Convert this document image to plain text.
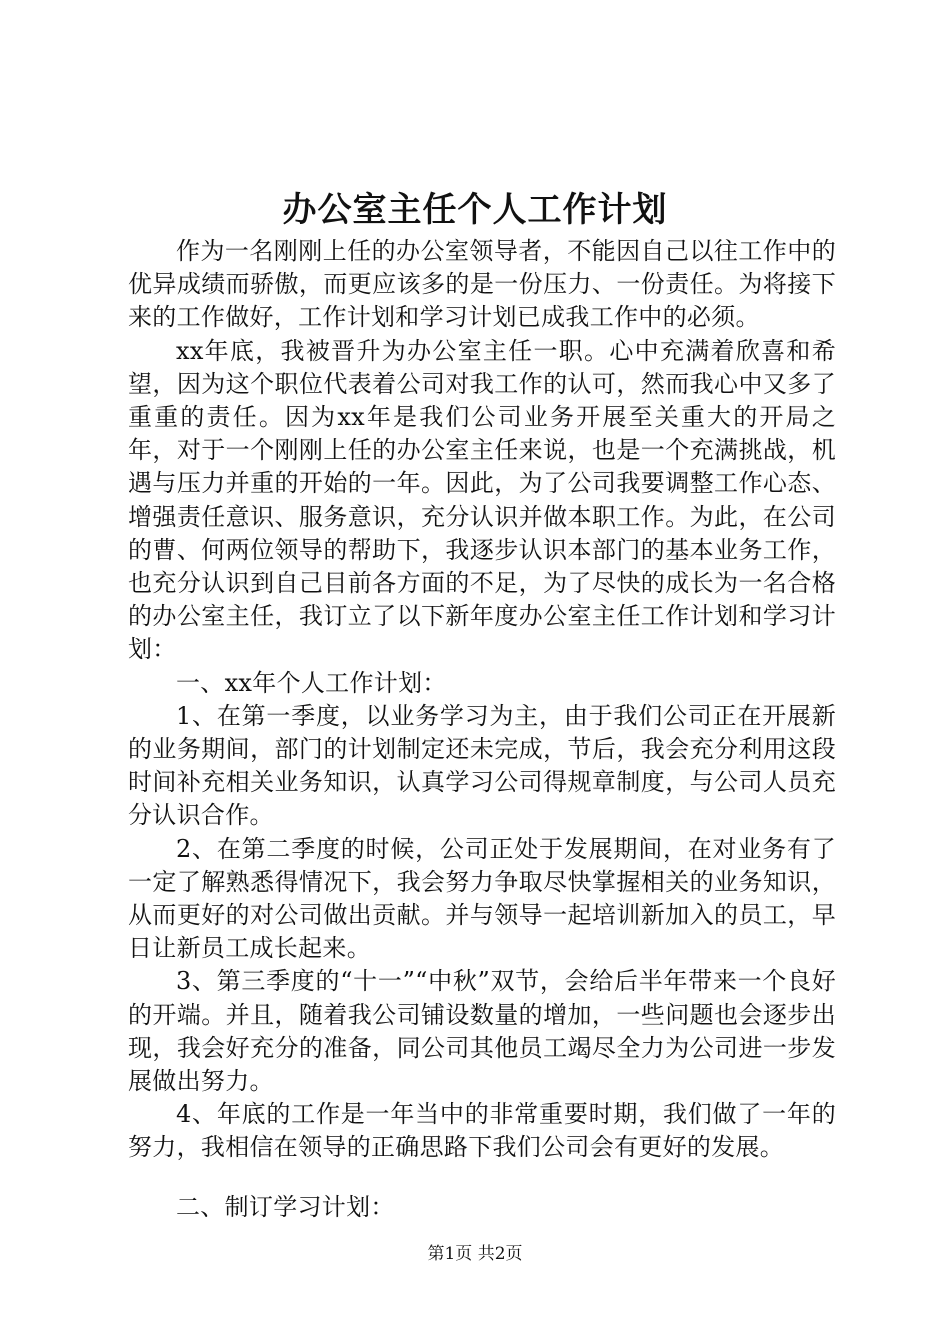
办公室主任个人工作计划

作为一名刚刚上任的办公室领导者，不能因自己以往工作中的优异成绩而骄傲，而更应该多的是一份压力、一份责任。为将接下来的工作做好，工作计划和学习计划已成我工作中的必须。

xx年底，我被晋升为办公室主任一职。心中充满着欣喜和希望，因为这个职位代表着公司对我工作的认可，然而我心中又多了重重的责任。因为xx年是我们公司业务开展至关重大的开局之年，对于一个刚刚上任的办公室主任来说，也是一个充满挑战，机遇与压力并重的开始的一年。因此，为了公司我要调整工作心态、增强责任意识、服务意识，充分认识并做本职工作。为此，在公司的曹、何两位领导的帮助下，我逐步认识本部门的基本业务工作，也充分认识到自己目前各方面的不足，为了尽快的成长为一名合格的办公室主任，我订立了以下新年度办公室主任工作计划和学习计划：

一、xx年个人工作计划：

1、在第一季度，以业务学习为主，由于我们公司正在开展新的业务期间，部门的计划制定还未完成，节后，我会充分利用这段时间补充相关业务知识，认真学习公司得规章制度，与公司人员充分认识合作。

2、在第二季度的时候，公司正处于发展期间，在对业务有了一定了解熟悉得情况下，我会努力争取尽快掌握相关的业务知识，从而更好的对公司做出贡献。并与领导一起培训新加入的员工，早日让新员工成长起来。

3、第三季度的“十一”“中秋”双节，会给后半年带来一个良好的开端。并且，随着我公司铺设数量的增加，一些问题也会逐步出现，我会好充分的准备，同公司其他员工竭尽全力为公司进一步发展做出努力。

4、年底的工作是一年当中的非常重要时期，我们做了一年的努力，我相信在领导的正确思路下我们公司会有更好的发展。

二、制订学习计划：

第1页 共2页
